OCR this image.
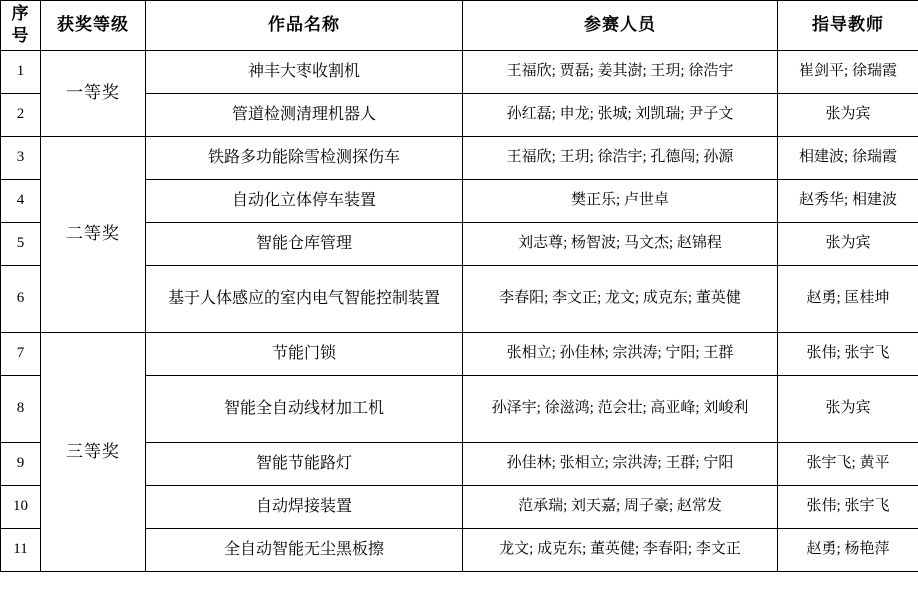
序号	获奖等级	作品名称	参赛人员	指导教师
1	一等奖	神丰大枣收割机	王福欣; 贾磊; 姜其澍; 王玥; 徐浩宇	崔剑平; 徐瑞霞
2		管道检测清理机器人	孙红磊; 申龙; 张城; 刘凯瑞; 尹子文	张为宾
3	二等奖	铁路多功能除雪检测探伤车	王福欣; 王玥; 徐浩宇; 孔德闯; 孙源	相建波; 徐瑞霞
4		自动化立体停车装置	樊正乐; 卢世卓	赵秀华; 相建波
5		智能仓库管理	刘志尊; 杨智波; 马文杰; 赵锦程	张为宾
6		基于人体感应的室内电气智能控制装置	李春阳; 李文正; 龙文; 成克东; 董英健	赵勇; 匡桂坤
7	三等奖	节能门锁	张相立; 孙佳林; 宗洪涛; 宁阳; 王群	张伟; 张宇飞
8		智能全自动线材加工机	孙泽宇; 徐滋鸿; 范会壮; 高亚峰; 刘峻利	张为宾
9		智能节能路灯	孙佳林; 张相立; 宗洪涛; 王群; 宁阳	张宇飞; 黄平
10		自动焊接装置	范承瑞; 刘天嘉; 周子豪; 赵常发	张伟; 张宇飞
11		全自动智能无尘黑板擦	龙文; 成克东; 董英健; 李春阳; 李文正	赵勇; 杨艳萍
